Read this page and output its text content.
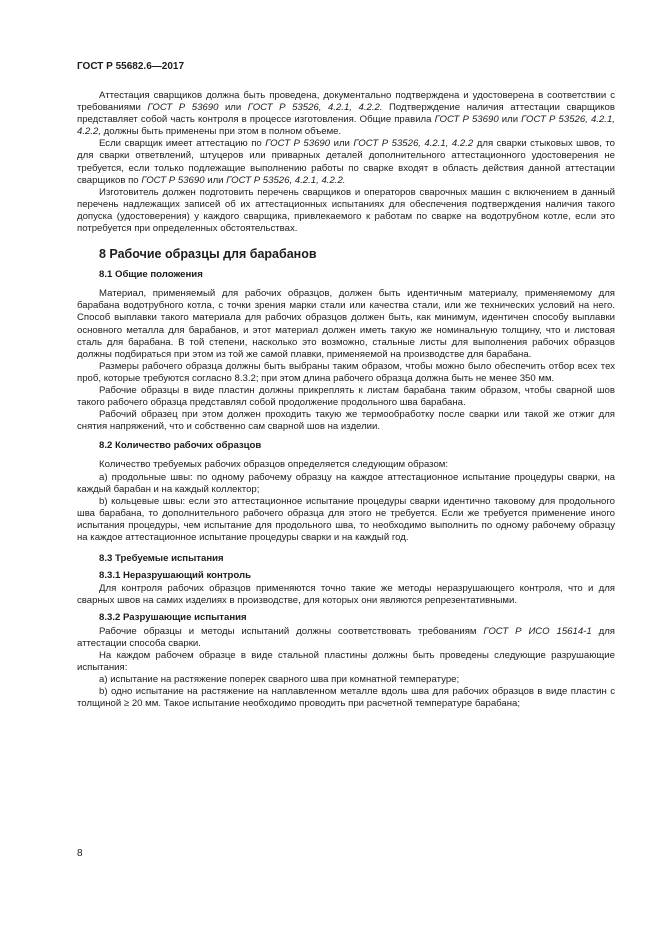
ГОСТ Р 55682.6—2017

Аттестация сварщиков должна быть проведена, документально подтверждена и удостоверена в соответствии с требованиями ГОСТ Р 53690 или ГОСТ Р 53526, 4.2.1, 4.2.2. Подтверждение наличия аттестации сварщиков представляет собой часть контроля в процессе изготовления. Общие правила ГОСТ Р 53690 или ГОСТ Р 53526, 4.2.1, 4.2.2, должны быть применены при этом в полном объеме.

Если сварщик имеет аттестацию по ГОСТ Р 53690 или ГОСТ Р 53526, 4.2.1, 4.2.2 для сварки стыковых швов, то для сварки ответвлений, штуцеров или приварных деталей дополнительного аттестационного удостоверения не требуется, если только подлежащие выполнению работы по сварке входят в область действия данной аттестации сварщиков по ГОСТ Р 53690 или ГОСТ Р 53526, 4.2.1, 4.2.2.

Изготовитель должен подготовить перечень сварщиков и операторов сварочных машин с включением в данный перечень надлежащих записей об их аттестационных испытаниях для обеспечения подтверждения наличия такого допуска (удостоверения) у каждого сварщика, привлекаемого к работам по сварке на водотрубном котле, если это потребуется при определенных обстоятельствах.

8 Рабочие образцы для барабанов
8.1 Общие положения

Материал, применяемый для рабочих образцов, должен быть идентичным материалу, применяемому для барабана водотрубного котла, с точки зрения марки стали или качества стали, или же технических условий на него. Способ выплавки такого материала для рабочих образцов должен быть, как минимум, идентичен способу выплавки основного металла для барабанов, и этот материал должен иметь такую же номинальную толщину, что и листовая сталь для барабана. В той степени, насколько это возможно, стальные листы для выполнения рабочих образцов должны подбираться при этом из той же самой плавки, применяемой на производстве для барабана.

Размеры рабочего образца должны быть выбраны таким образом, чтобы можно было обеспечить отбор всех тех проб, которые требуются согласно 8.3.2; при этом длина рабочего образца должна быть не менее 350 мм.

Рабочие образцы в виде пластин должны прикреплять к листам барабана таким образом, чтобы сварной шов такого рабочего образца представлял собой продолжение продольного шва барабана.

Рабочий образец при этом должен проходить такую же термообработку после сварки или такой же отжиг для снятия напряжений, что и собственно сам сварной шов на изделии.

8.2 Количество рабочих образцов

Количество требуемых рабочих образцов определяется следующим образом:

a) продольные швы: по одному рабочему образцу на каждое аттестационное испытание процедуры сварки, на каждый барабан и на каждый коллектор;

b) кольцевые швы: если это аттестационное испытание процедуры сварки идентично таковому для продольного шва барабана, то дополнительного рабочего образца для этого не требуется. Если же требуется применение иного испытания процедуры, чем испытание для продольного шва, то необходимо выполнить по одному рабочему образцу на каждое аттестационное испытание процедуры сварки и на каждый год.

8.3 Требуемые испытания
8.3.1 Неразрушающий контроль

Для контроля рабочих образцов применяются точно такие же методы неразрушающего контроля, что и для сварных швов на самих изделиях в производстве, для которых они являются репрезентативными.

8.3.2 Разрушающие испытания

Рабочие образцы и методы испытаний должны соответствовать требованиям ГОСТ Р ИСО 15614-1 для аттестации способа сварки.

На каждом рабочем образце в виде стальной пластины должны быть проведены следующие разрушающие испытания:

a) испытание на растяжение поперек сварного шва при комнатной температуре;

b) одно испытание на растяжение на наплавленном металле вдоль шва для рабочих образцов в виде пластин с толщиной ≥ 20 мм. Такое испытание необходимо проводить при расчетной температуре барабана;

8
